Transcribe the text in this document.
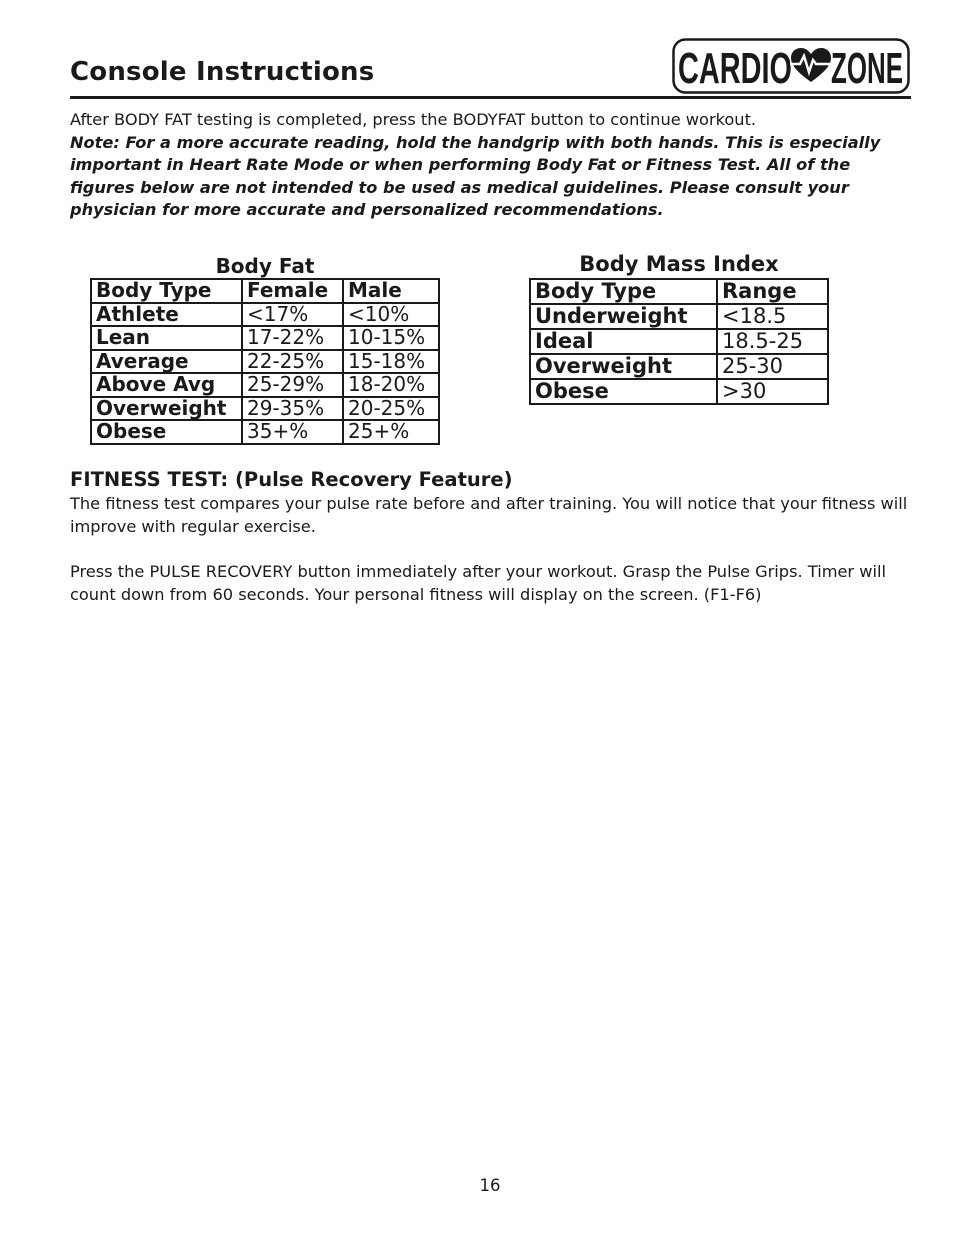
Console Instructions	CARDIO ZONE

After BODY FAT testing is completed, press the BODYFAT button to continue workout.

Note: For a more accurate reading, hold the handgrip with both hands. This is especially important in Heart Rate Mode or when performing Body Fat or Fitness Test. All of the figures below are not intended to be used as medical guidelines. Please consult your physician for more accurate and personalized recommendations.

Body Fat
Body Type	Female	Male
Athlete	<17%	<10%
Lean	17-22%	10-15%
Average	22-25%	15-18%
Above Avg	25-29%	18-20%
Overweight	29-35%	20-25%
Obese	35+%	25+%
Body Mass Index
Body Type	Range
Underweight	<18.5
Ideal	18.5-25
Overweight	25-30
Obese	>30
FITNESS TEST: (Pulse Recovery Feature)

The fitness test compares your pulse rate before and after training. You will notice that your fitness will improve with regular exercise.

Press the PULSE RECOVERY button immediately after your workout. Grasp the Pulse Grips. Timer will count down from 60 seconds. Your personal fitness will display on the screen. (F1-F6)

16
